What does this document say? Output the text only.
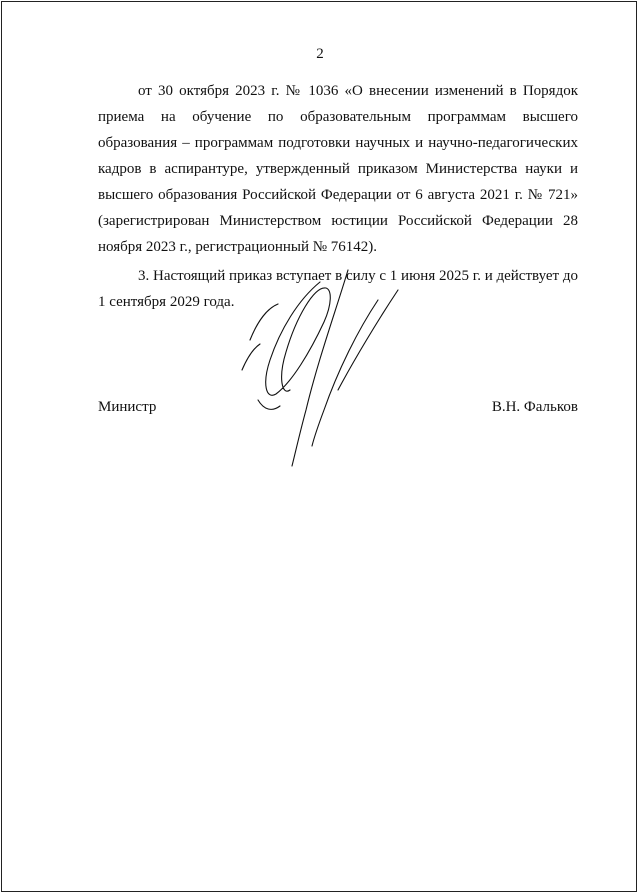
2

от 30 октября 2023 г. № 1036 «О внесении изменений в Порядок приема на обучение по образовательным программам высшего образования – программам подготовки научных и научно-педагогических кадров в аспирантуре, утвержденный приказом Министерства науки и высшего образования Российской Федерации от 6 августа 2021 г. № 721» (зарегистрирован Министерством юстиции Российской Федерации 28 ноября 2023 г., регистрационный № 76142).

3. Настоящий приказ вступает в силу с 1 июня 2025 г. и действует до 1 сентября 2029 года.

Министр	В.Н. Фальков
